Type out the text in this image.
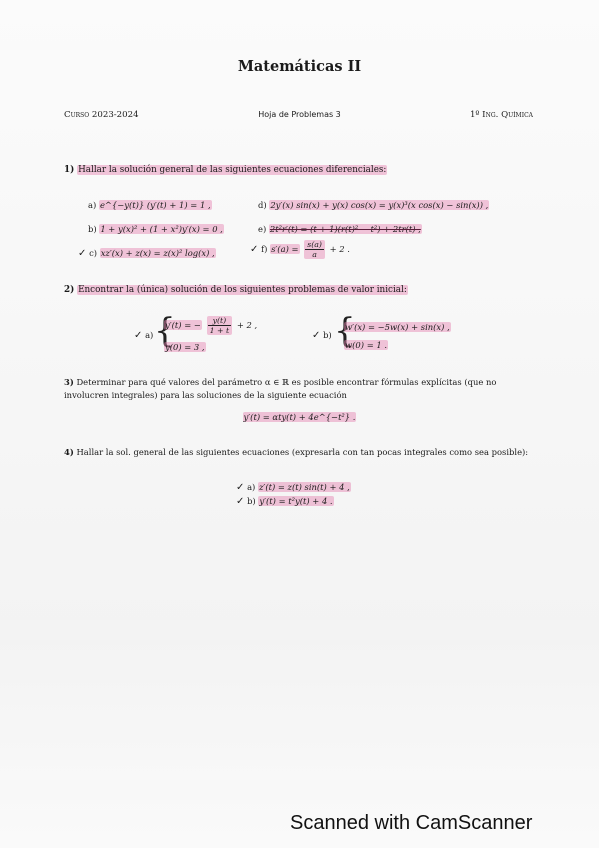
Matemáticas II
Curso 2023-2024	Hoja de Problemas 3	1º Ing. Química
1) Hallar la solución general de las siguientes ecuaciones diferenciales:
a) e^{−y(t)} (y′(t) + 1) = 1 ,
b) 1 + y(x)² + (1 + x²)y′(x) = 0 ,
✓ c) xz′(x) + z(x) = z(x)² log(x) ,
d) 2y′(x) sin(x) + y(x) cos(x) = y(x)³(x cos(x) − sin(x)) ,
e) 2t²r′(t) = (t + 1)(r(t)² − t²) + 2tr(t) ,
✓ f) $s'(a) = \frac{s(a)}{a} + 2$ .
2) Encontrar la (única) solución de los siguientes problemas de valor inicial:
✓ a) {
y′(t) = − $\frac{y(t)}{1 + t} + 2$ ,
y(0) = 3 ,
✓ b) {
w′(x) = −5w(x) + sin(x) ,
w(0) = 1 .
3) Determinar para qué valores del parámetro α ∈ ℝ es posible encontrar fórmulas explícitas (que no involucren integrales) para las soluciones de la siguiente ecuación
y′(t) = αty(t) + 4e^{−t²} .
4) Hallar la sol. general de las siguientes ecuaciones (expresarla con tan pocas integrales como sea posible):
✓ a) z′(t) = z(t) sin(t) + 4 ,
✓ b) y′(t) = t²y(t) + 4 .
Scanned with CamScanner
